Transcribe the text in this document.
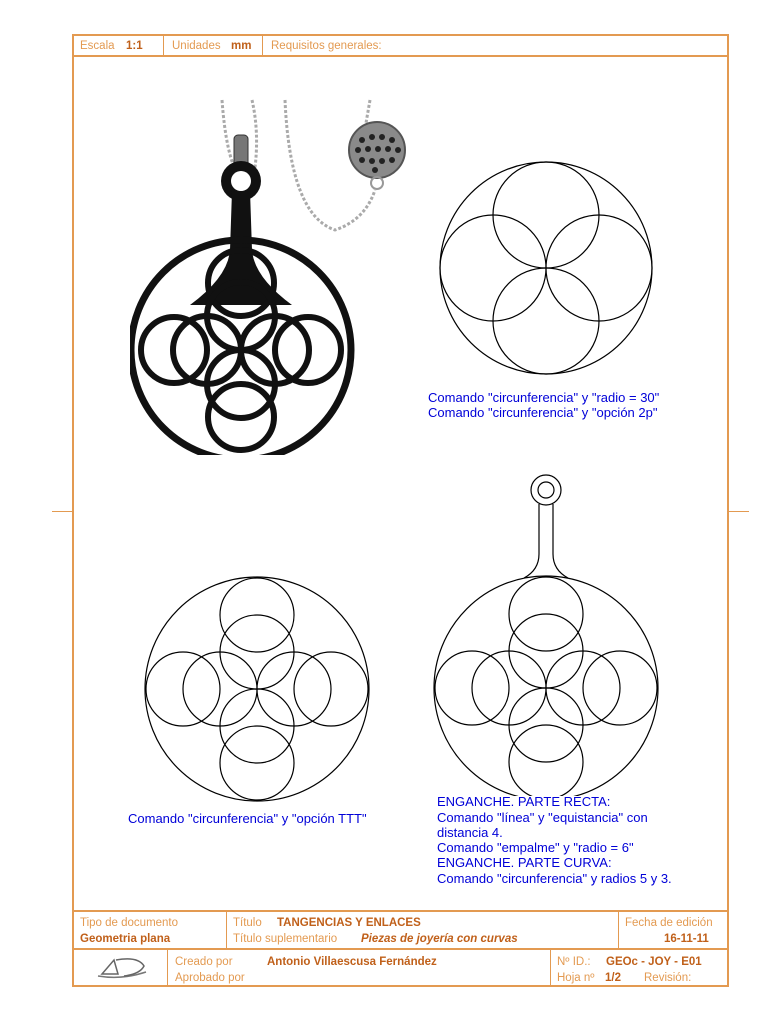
Escala 1:1	Unidades mm Requisitos generales:
Comando "circunferencia" y "radio = 30"
Comando "circunferencia" y "opción 2p"
Comando "circunferencia" y "opción TTT"
ENGANCHE. PARTE RECTA:
Comando "línea" y "equistancia" con
distancia 4.
Comando "empalme" y "radio = 6"
ENGANCHE. PARTE CURVA:
Comando "circunferencia" y radios 5 y 3.
Tipo de documento
Geometria plana
Título TANGENCIAS Y ENLACES
Título suplementario Piezas de joyería con curvas
Fecha de edición
16-11-11
Creado por	Antonio Villaescusa Fernández
Aprobado por
Nº ID.: GEOc - JOY - E01
Hoja nº 1/2 Revisión:
